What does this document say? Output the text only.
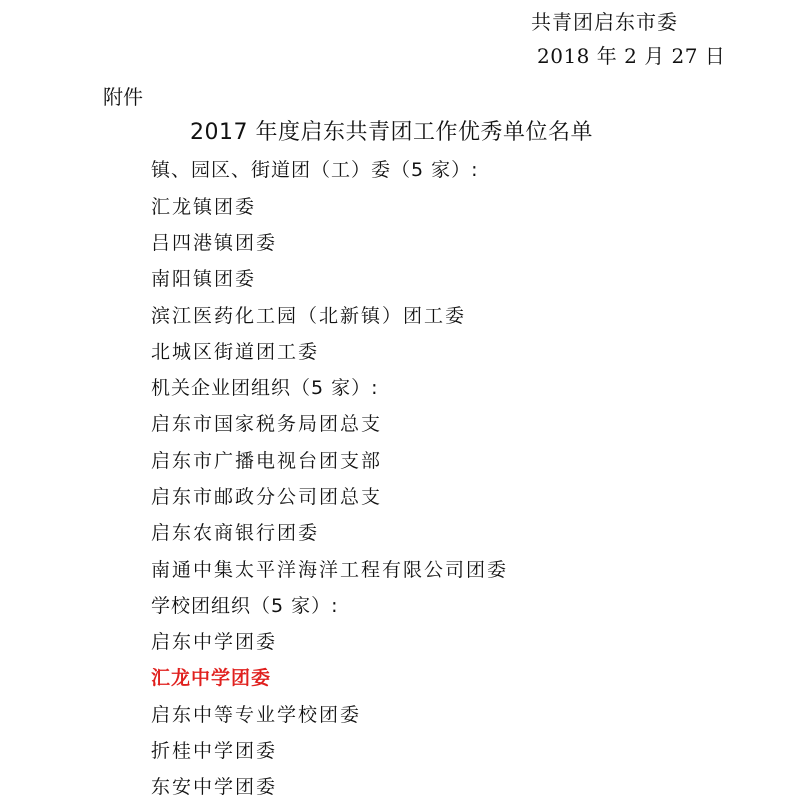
共青团启东市委
2018 年 2 月 27 日
附件
2017 年度启东共青团工作优秀单位名单
镇、园区、街道团（工）委（5 家）:
汇龙镇团委
吕四港镇团委
南阳镇团委
滨江医药化工园（北新镇）团工委
北城区街道团工委
机关企业团组织（5 家）:
启东市国家税务局团总支
启东市广播电视台团支部
启东市邮政分公司团总支
启东农商银行团委
南通中集太平洋海洋工程有限公司团委
学校团组织（5 家）:
启东中学团委
汇龙中学团委
启东中等专业学校团委
折桂中学团委
东安中学团委
